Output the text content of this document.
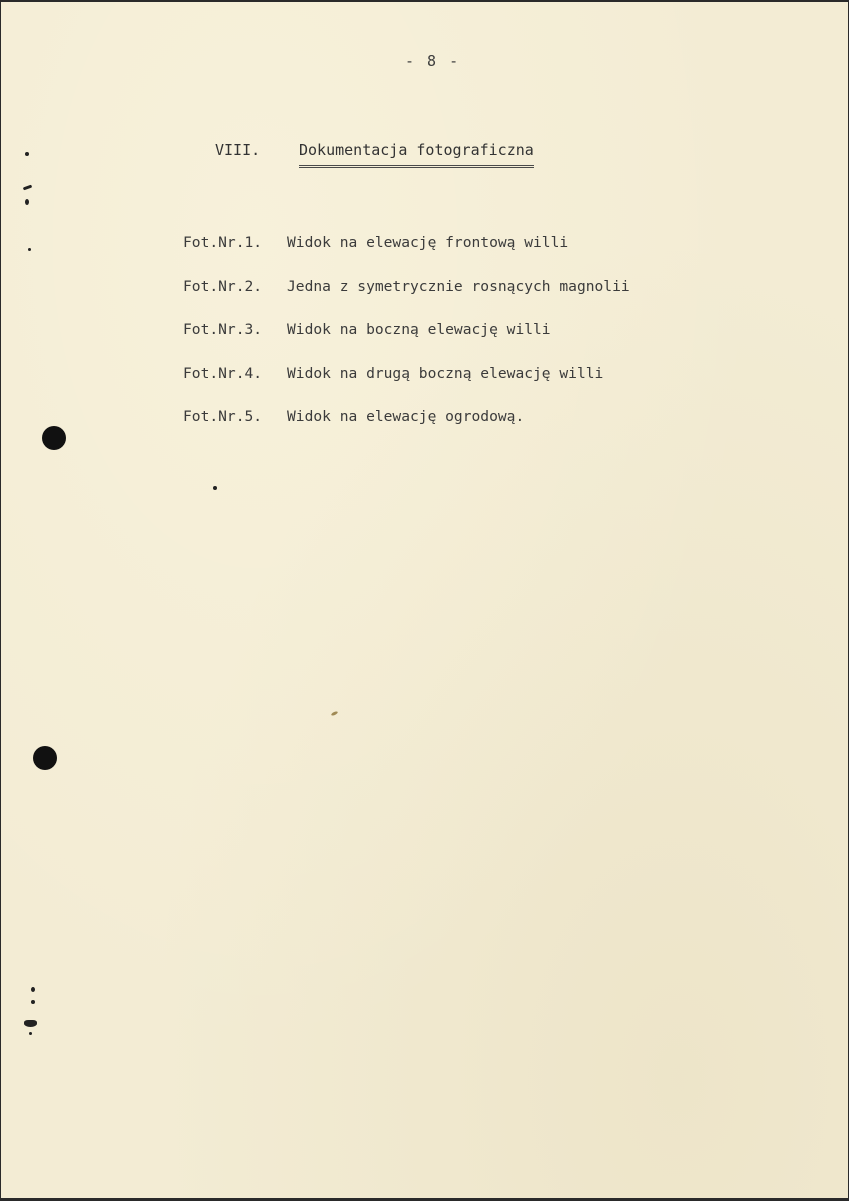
- 8 -
VIII.	Dokumentacja fotograficzna
Fot.Nr.1. Widok na elewację frontową willi
Fot.Nr.2. Jedna z symetrycznie rosnących magnolii
Fot.Nr.3. Widok na boczną elewację willi
Fot.Nr.4. Widok na drugą boczną elewację willi
Fot.Nr.5. Widok na elewację ogrodową.
